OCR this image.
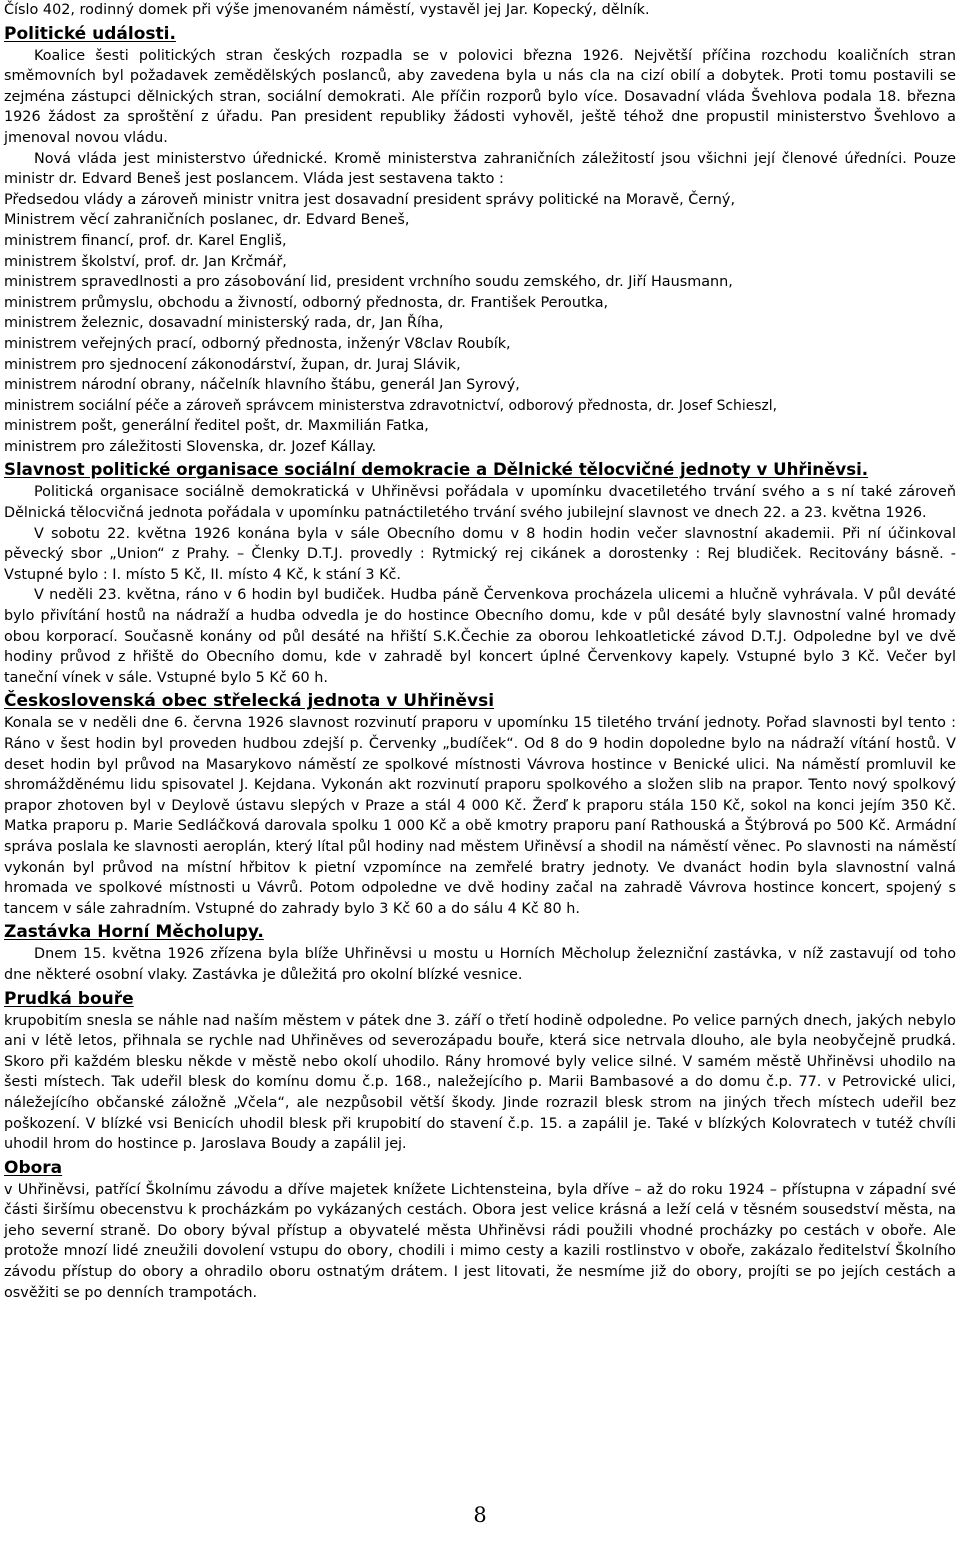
Číslo 402, rodinný domek při výše jmenovaném náměstí, vystavěl jej Jar. Kopecký, dělník.

Politické události.

Koalice šesti politických stran českých rozpadla se v polovici března 1926. Největší příčina rozchodu koaličních stran směmovních byl požadavek zemědělských poslanců, aby zavedena byla u nás cla na cizí obilí a dobytek. Proti tomu postavili se zejména zástupci dělnických stran, sociální demokrati. Ale příčin rozporů bylo více. Dosavadní vláda Švehlova podala 18. března 1926 žádost za sproštění z úřadu. Pan president republiky žádosti vyhověl, ještě téhož dne propustil ministerstvo Švehlovo a jmenoval novou vládu.

Nová vláda jest ministerstvo úřednické. Kromě ministerstva zahraničních záležitostí jsou všichni její členové úředníci. Pouze ministr dr. Edvard Beneš jest poslancem. Vláda jest sestavena takto :

Předsedou vlády a zároveň ministr vnitra jest dosavadní president správy politické na Moravě, Černý,

Ministrem věcí zahraničních poslanec, dr. Edvard Beneš,

ministrem financí, prof. dr. Karel Engliš,

ministrem školství, prof. dr. Jan Krčmář,

ministrem spravedlnosti a pro zásobování lid, president vrchního soudu zemského, dr. Jiří Hausmann,

ministrem průmyslu, obchodu a živností, odborný přednosta, dr. František Peroutka,

ministrem železnic, dosavadní ministerský rada, dr, Jan Říha,

ministrem veřejných prací, odborný přednosta, inženýr V8clav Roubík,

ministrem pro sjednocení zákonodárství, župan, dr. Juraj Slávik,

ministrem národní obrany, náčelník hlavního štábu, generál Jan Syrový,

ministrem sociální péče a zároveň správcem ministerstva zdravotnictví, odborový přednosta, dr. Josef Schieszl,

ministrem pošt, generální ředitel pošt, dr. Maxmilián Fatka,

ministrem pro záležitosti Slovenska, dr. Jozef Kállay.

Slavnost politické organisace sociální demokracie a Dělnické tělocvičné jednoty v Uhřiněvsi.

Politická organisace sociálně demokratická v Uhřiněvsi pořádala v upomínku dvacetiletého trvání svého a s ní také zároveň Dělnická tělocvičná jednota pořádala v upomínku patnáctiletého trvání svého jubilejní slavnost ve dnech 22. a 23. května 1926.

V sobotu 22. května 1926 konána byla v sále Obecního domu v 8 hodin hodin večer slavnostní akademii. Při ní účinkoval pěvecký sbor „Union“ z Prahy. – Členky D.T.J. provedly : Rytmický rej cikánek a dorostenky : Rej bludiček. Recitovány básně. - Vstupné bylo : I. místo 5 Kč, II. místo 4 Kč, k stání 3 Kč.

V neděli 23. května, ráno v 6 hodin byl budiček. Hudba páně Červenkova procházela ulicemi a hlučně vyhrávala. V půl deváté bylo přivítání hostů na nádraží a hudba odvedla je do hostince Obecního domu, kde v půl desáté byly slavnostní valné hromady obou korporací. Současně konány od půl desáté na hřiští S.K.Čechie za oborou lehkoatletické závod D.T.J. Odpoledne byl ve dvě hodiny průvod z hřiště do Obecního domu, kde v zahradě byl koncert úplné Červenkovy kapely. Vstupné bylo 3 Kč. Večer byl taneční vínek v sále. Vstupné bylo 5 Kč 60 h.

Československá obec střelecká jednota v Uhřiněvsi

Konala se v neděli dne 6. června 1926 slavnost rozvinutí praporu v upomínku 15 tiletého trvání jednoty. Pořad slavnosti byl tento : Ráno v šest hodin byl proveden hudbou zdejší p. Červenky „budíček“. Od 8 do 9 hodin dopoledne bylo na nádraží vítání hostů. V deset hodin byl průvod na Masarykovo náměstí ze spolkové místnosti Vávrova hostince v Benické ulici. Na náměstí promluvil ke shromážděnému lidu spisovatel J. Kejdana. Vykonán akt rozvinutí praporu spolkového a složen slib na prapor. Tento nový spolkový prapor zhotoven byl v Deylově ústavu slepých v Praze a stál 4 000 Kč. Žerď k praporu stála 150 Kč, sokol na konci jejím 350 Kč. Matka praporu p. Marie Sedláčková darovala spolku 1 000 Kč a obě kmotry praporu paní Rathouská a Štýbrová po 500 Kč. Armádní správa poslala ke slavnosti aeroplán, který lítal půl hodiny nad městem Uřiněvsí a shodil na náměstí věnec. Po slavnosti na náměstí vykonán byl průvod na místní hřbitov k pietní vzpomínce na zemřelé bratry jednoty. Ve dvanáct hodin byla slavnostní valná hromada ve spolkové místnosti u Vávrů. Potom odpoledne ve dvě hodiny začal na zahradě Vávrova hostince koncert, spojený s tancem v sále zahradním. Vstupné do zahrady bylo 3 Kč 60 a do sálu 4 Kč 80 h.

Zastávka Horní Měcholupy.

Dnem 15. května 1926 zřízena byla blíže Uhřiněvsi u mostu u Horních Měcholup železniční zastávka, v níž zastavují od toho dne některé osobní vlaky. Zastávka je důležitá pro okolní blízké vesnice.

Prudká bouře

krupobitím snesla se náhle nad naším městem v pátek dne 3. září o třetí hodině odpoledne. Po velice parných dnech, jakých nebylo ani v létě letos, přihnala se rychle nad Uhřiněves od severozápadu bouře, která sice netrvala dlouho, ale byla neobyčejně prudká. Skoro při každém blesku někde v městě nebo okolí uhodilo. Rány hromové byly velice silné. V samém městě Uhřiněvsi uhodilo na šesti místech. Tak udeřil blesk do komínu domu č.p. 168., naležejícího p. Marii Bambasové a do domu č.p. 77. v Petrovické ulici, náležejícího občanské záložně „Včela“, ale nezpůsobil větší škody. Jinde rozrazil blesk strom na jiných třech místech udeřil bez poškození. V blízké vsi Benicích uhodil blesk při krupobití do stavení č.p. 15. a zapálil je. Také v blízkých Kolovratech v tutéž chvíli uhodil hrom do hostince p. Jaroslava Boudy a zapálil jej.

Obora

v Uhřiněvsi, patřící Školnímu závodu a dříve majetek knížete Lichtensteina, byla dříve – až do roku 1924 – přístupna v západní své části širšímu obecenstvu k procházkám po vykázaných cestách. Obora jest velice krásná a leží celá v těsném sousedství města, na jeho severní straně. Do obory býval přístup a obyvatelé města Uhřiněvsi rádi použili vhodné procházky po cestách v oboře. Ale protože mnozí lidé zneužili dovolení vstupu do obory, chodili i mimo cesty a kazili rostlinstvo v oboře, zakázalo ředitelství Školního závodu přístup do obory a ohradilo oboru ostnatým drátem. I jest litovati, že nesmíme již do obory, projíti se po jejích cestách a osvěžiti se po denních trampotách.

8
